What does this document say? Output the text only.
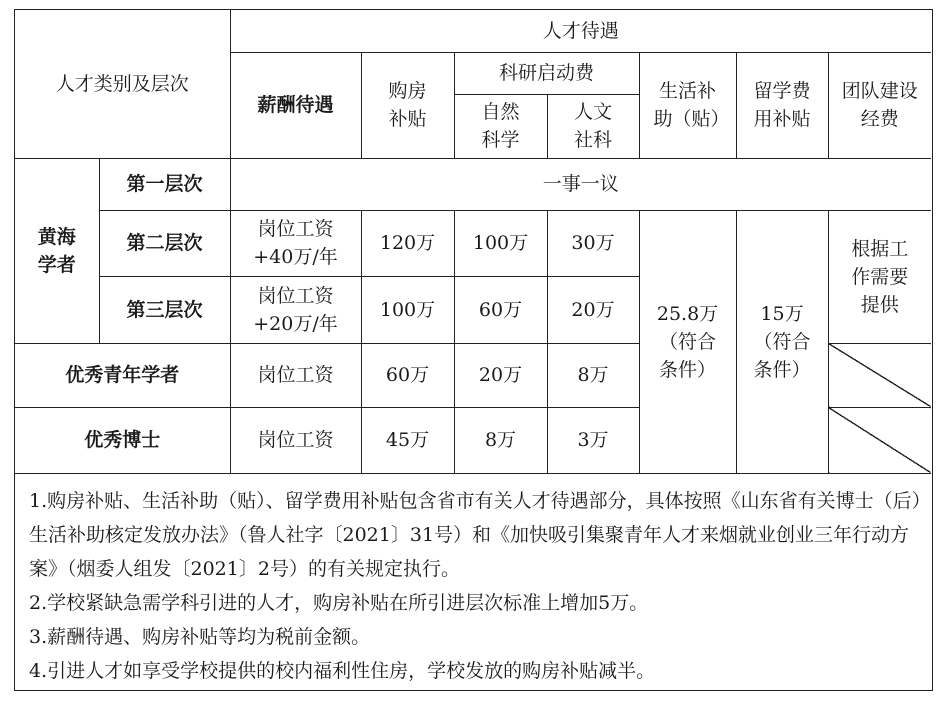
人才类别及层次		人才待遇						
		薪酬待遇	购房补贴	科研启动费		生活补助（贴）	留学费用补贴	团队建设经费
				自然科学	人文社科			
黄海学者	第一层次	一事一议						
	第二层次	岗位工资+40万/年	120万	100万	30万	25.8万（符合条件）	15万（符合条件）	根据工作需要提供
	第三层次	岗位工资+20万/年	100万	60万	20万			
优秀青年学者		岗位工资	60万	20万	8万			
优秀博士		岗位工资	45万	8万	3万			

1.购房补贴、生活补助（贴）、留学费用补贴包含省市有关人才待遇部分，具体按照《山东省有关博士（后）生活补助核定发放办法》（鲁人社字〔2021〕31号）和《加快吸引集聚青年人才来烟就业创业三年行动方案》（烟委人组发〔2021〕2号）的有关规定执行。

2.学校紧缺急需学科引进的人才，购房补贴在所引进层次标准上增加5万。

3.薪酬待遇、购房补贴等均为税前金额。

4.引进人才如享受学校提供的校内福利性住房，学校发放的购房补贴减半。
